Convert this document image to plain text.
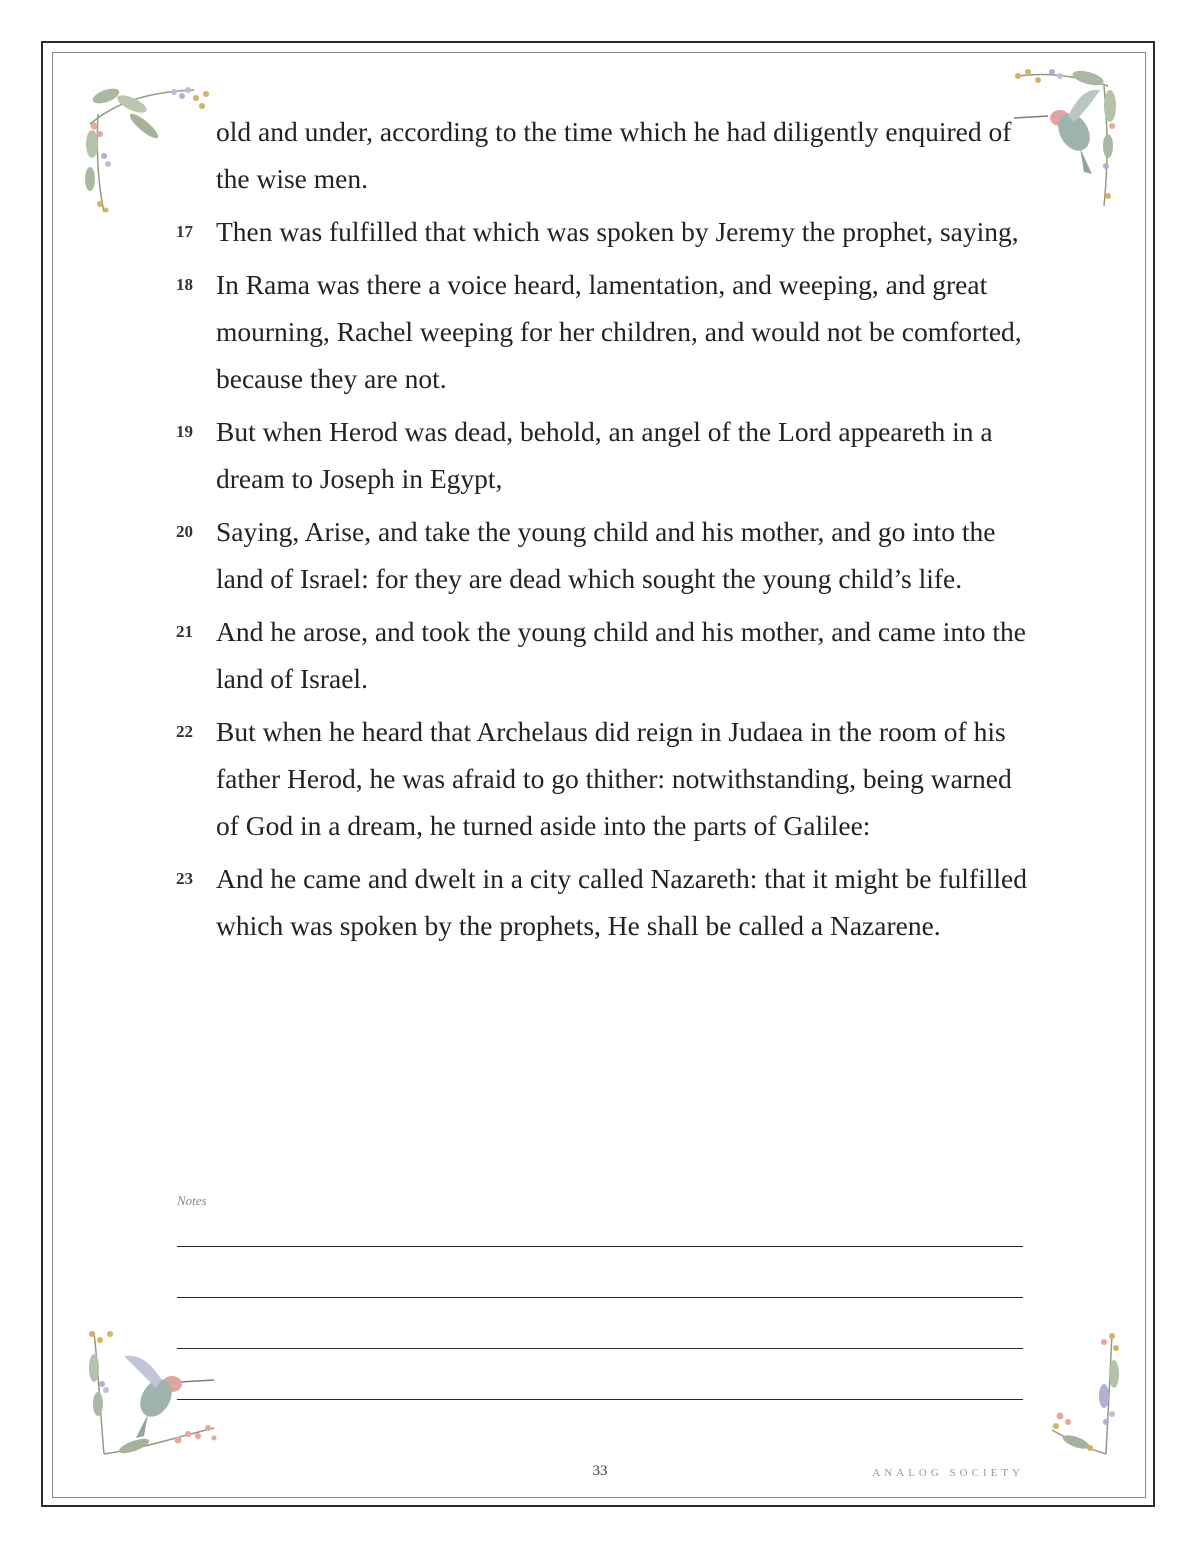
old and under, according to the time which he had diligently enquired of the wise men.
17 Then was fulfilled that which was spoken by Jeremy the prophet, saying,
18 In Rama was there a voice heard, lamentation, and weeping, and great mourning, Rachel weeping for her children, and would not be comforted, because they are not.
19 But when Herod was dead, behold, an angel of the Lord appeareth in a dream to Joseph in Egypt,
20 Saying, Arise, and take the young child and his mother, and go into the land of Israel: for they are dead which sought the young child’s life.
21 And he arose, and took the young child and his mother, and came into the land of Israel.
22 But when he heard that Archelaus did reign in Judaea in the room of his father Herod, he was afraid to go thither: notwithstanding, being warned of God in a dream, he turned aside into the parts of Galilee:
23 And he came and dwelt in a city called Nazareth: that it might be fulfilled which was spoken by the prophets, He shall be called a Nazarene.
Notes
33	ANALOG SOCIETY
